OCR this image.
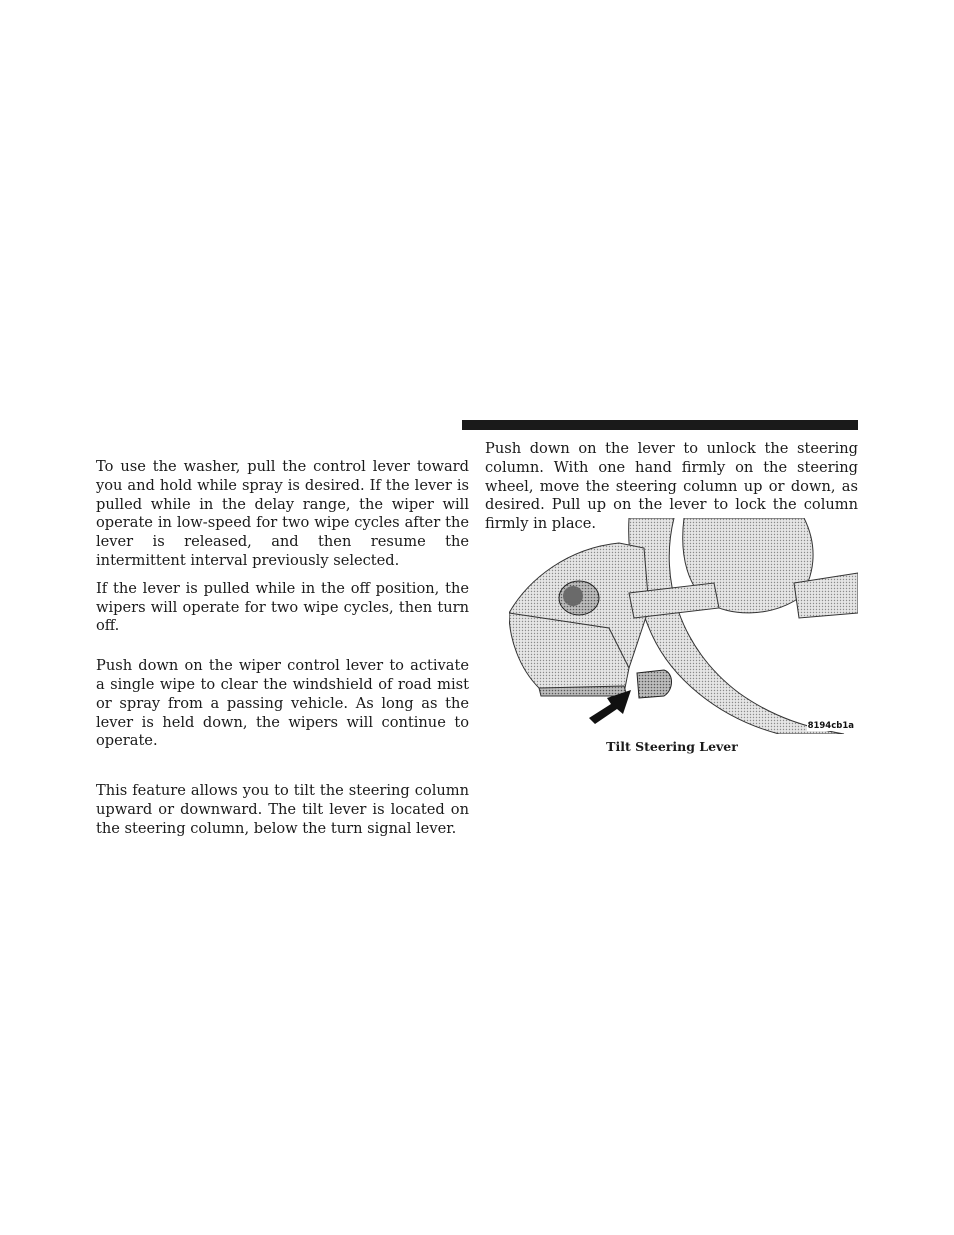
To use the washer, pull the control lever toward you and hold while spray is desired. If the lever is pulled while in the delay range, the wiper will operate in low-speed for two wipe cycles after the lever is released, and then resume the intermittent interval previously selected.

If the lever is pulled while in the off position, the wipers will operate for two wipe cycles, then turn off.

Push down on the wiper control lever to activate a single wipe to clear the windshield of road mist or spray from a passing vehicle. As long as the lever is held down, the wipers will continue to operate.

This feature allows you to tilt the steering column upward or downward. The tilt lever is located on the steering column, below the turn signal lever.

Push down on the lever to unlock the steering column. With one hand firmly on the steering wheel, move the steering column up or down, as desired. Pull up on the lever to lock the column firmly in place.

8194cb1a
Tilt Steering Lever
